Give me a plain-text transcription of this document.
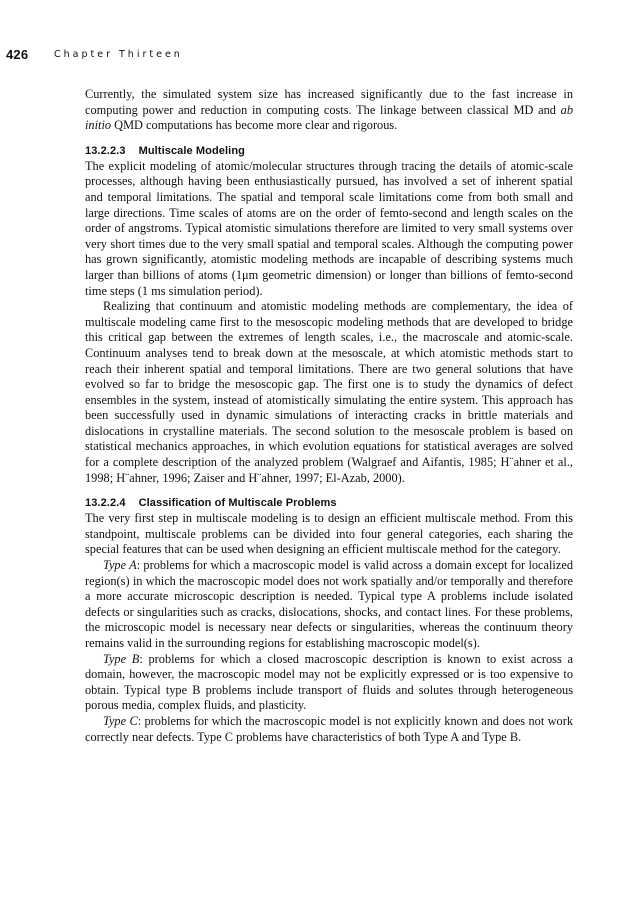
426	Chapter Thirteen

Currently, the simulated system size has increased significantly due to the fast increase in computing power and reduction in computing costs. The linkage between classical MD and ab initio QMD computations has become more clear and rigorous.

13.2.2.3 Multiscale Modeling

The explicit modeling of atomic/molecular structures through tracing the details of atomic-scale processes, although having been enthusiastically pursued, has involved a set of inherent spatial and temporal limitations. The spatial and temporal scale limitations come from both small and large directions. Time scales of atoms are on the order of femto-second and length scales on the order of angstroms. Typical atomistic simulations therefore are limited to very small systems over very short times due to the very small spatial and temporal scales. Although the computing power has grown significantly, atomistic modeling methods are incapable of describing systems much larger than billions of atoms (1μm geometric dimension) or longer than billions of femto-second time steps (1 ms simulation period).

Realizing that continuum and atomistic modeling methods are complementary, the idea of multiscale modeling came first to the mesoscopic modeling methods that are developed to bridge this critical gap between the extremes of length scales, i.e., the macroscale and atomic-scale. Continuum analyses tend to break down at the mesoscale, at which atomistic methods start to reach their inherent spatial and temporal limitations. There are two general solutions that have evolved so far to bridge the mesoscopic gap. The first one is to study the dynamics of defect ensembles in the system, instead of atomistically simulating the entire system. This approach has been successfully used in dynamic simulations of interacting cracks in brittle materials and dislocations in crystalline materials. The second solution to the mesoscale problem is based on statistical mechanics approaches, in which evolution equations for statistical averages are solved for a complete description of the analyzed problem (Walgraef and Aifantis, 1985; H¨ahner et al., 1998; H¨ahner, 1996; Zaiser and H¨ahner, 1997; El-Azab, 2000).

13.2.2.4 Classification of Multiscale Problems

The very first step in multiscale modeling is to design an efficient multiscale method. From this standpoint, multiscale problems can be divided into four general categories, each sharing the special features that can be used when designing an efficient multiscale method for the category.

Type A: problems for which a macroscopic model is valid across a domain except for localized region(s) in which the macroscopic model does not work spatially and/or temporally and therefore a more accurate microscopic description is needed. Typical type A problems include isolated defects or singularities such as cracks, dislocations, shocks, and contact lines. For these problems, the microscopic model is necessary near defects or singularities, whereas the continuum theory remains valid in the surrounding regions for establishing macroscopic model(s).

Type B: problems for which a closed macroscopic description is known to exist across a domain, however, the macroscopic model may not be explicitly expressed or is too expensive to obtain. Typical type B problems include transport of fluids and solutes through heterogeneous porous media, complex fluids, and plasticity.

Type C: problems for which the macroscopic model is not explicitly known and does not work correctly near defects. Type C problems have characteristics of both Type A and Type B.
